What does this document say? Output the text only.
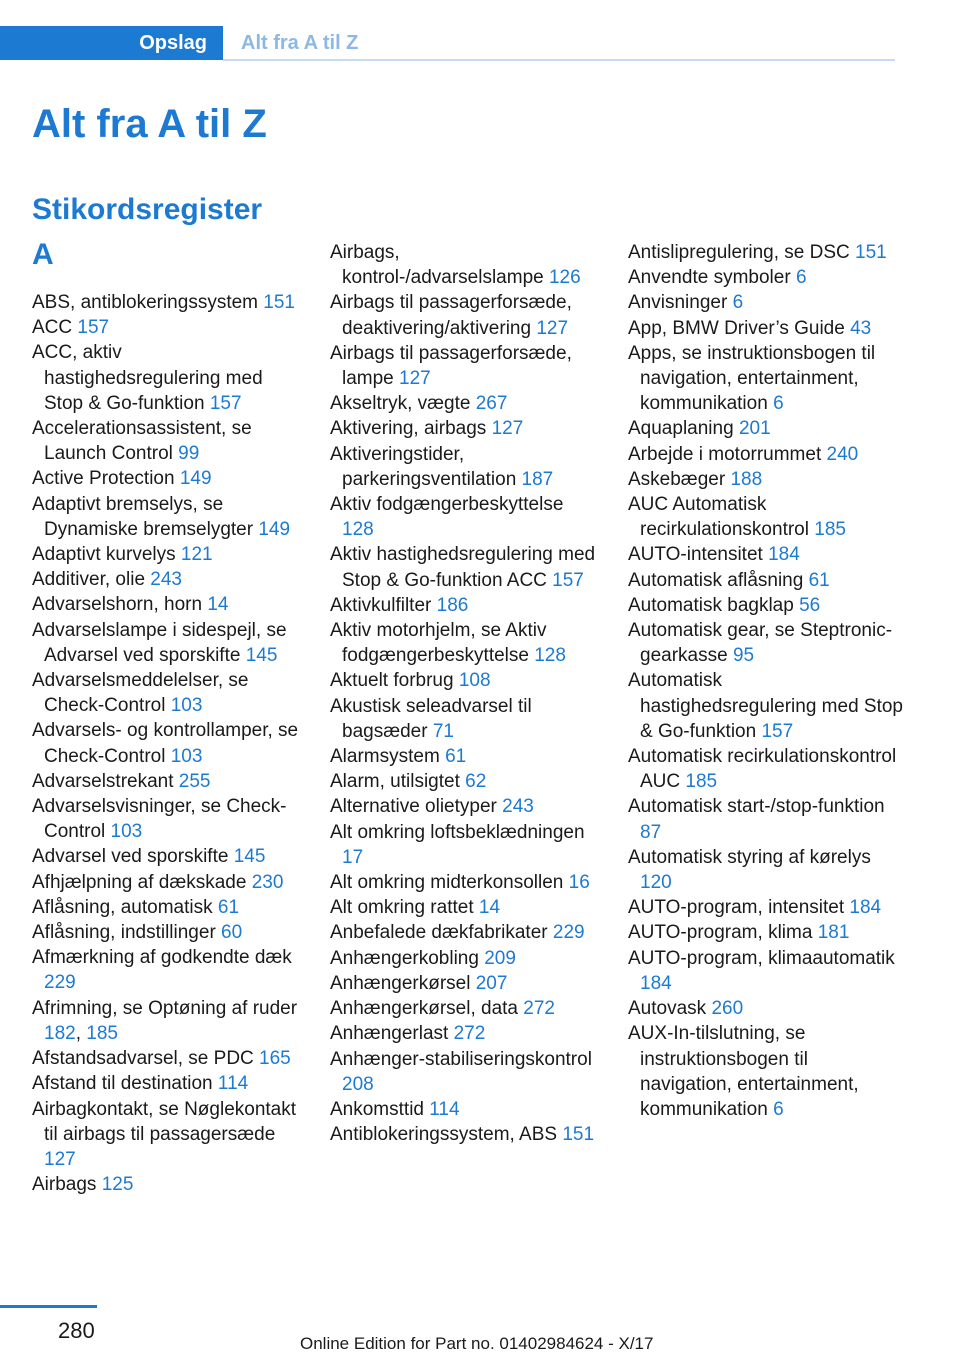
Opslag	Alt fra A til Z
Alt fra A til Z
Stikordsregister
A
ABS, antiblokeringssystem 151
ACC 157
ACC, aktiv hastighedsregulering med Stop & Go-funktion 157
Accelerationsassistent, se Launch Control 99
Active Protection 149
Adaptivt bremselys, se Dynamiske bremselygter 149
Adaptivt kurvelys 121
Additiver, olie 243
Advarselshorn, horn 14
Advarselslampe i sidespejl, se Advarsel ved sporskifte 145
Advarselsmeddelelser, se Check-Control 103
Advarsels- og kontrollamper, se Check-Control 103
Advarselstrekant 255
Advarselsvisninger, se Check-Control 103
Advarsel ved sporskifte 145
Afhjælpning af dækskade 230
Aflåsning, automatisk 61
Aflåsning, indstillinger 60
Afmærkning af godkendte dæk 229
Afrimning, se Optøning af ruder 182, 185
Afstandsadvarsel, se PDC 165
Afstand til destination 114
Airbagkontakt, se Nøglekontakt til airbags til passagersæde 127
Airbags 125
Airbags, kontrol-/advarselslampe 126
Airbags til passagerforsæde, deaktivering/aktivering 127
Airbags til passagerforsæde, lampe 127
Akseltryk, vægte 267
Aktivering, airbags 127
Aktiveringstider, parkeringsventilation 187
Aktiv fodgængerbeskyttelse 128
Aktiv hastighedsregulering med Stop & Go-funktion ACC 157
Aktivkulfilter 186
Aktiv motorhjelm, se Aktiv fodgængerbeskyttelse 128
Aktuelt forbrug 108
Akustisk seleadvarsel til bagsæder 71
Alarmsystem 61
Alarm, utilsigtet 62
Alternative olietyper 243
Alt omkring loftsbeklædningen 17
Alt omkring midterkonsollen 16
Alt omkring rattet 14
Anbefalede dækfabrikater 229
Anhængerkobling 209
Anhængerkørsel 207
Anhængerkørsel, data 272
Anhængerlast 272
Anhænger-stabiliseringskontrol 208
Ankomsttid 114
Antiblokeringssystem, ABS 151
Antislipregulering, se DSC 151
Anvendte symboler 6
Anvisninger 6
App, BMW Driver’s Guide 43
Apps, se instruktionsbogen til navigation, entertainment, kommunikation 6
Aquaplaning 201
Arbejde i motorrummet 240
Askebæger 188
AUC Automatisk recirkulationskontrol 185
AUTO-intensitet 184
Automatisk aflåsning 61
Automatisk bagklap 56
Automatisk gear, se Steptronic-gearkasse 95
Automatisk hastighedsregulering med Stop & Go-funktion 157
Automatisk recirkulationskontrol AUC 185
Automatisk start-/stop-funktion 87
Automatisk styring af kørelys 120
AUTO-program, intensitet 184
AUTO-program, klima 181
AUTO-program, klimaautomatik 184
Autovask 260
AUX-In-tilslutning, se instruktionsbogen til navigation, entertainment, kommunikation 6
280
Online Edition for Part no. 01402984624 - X/17
